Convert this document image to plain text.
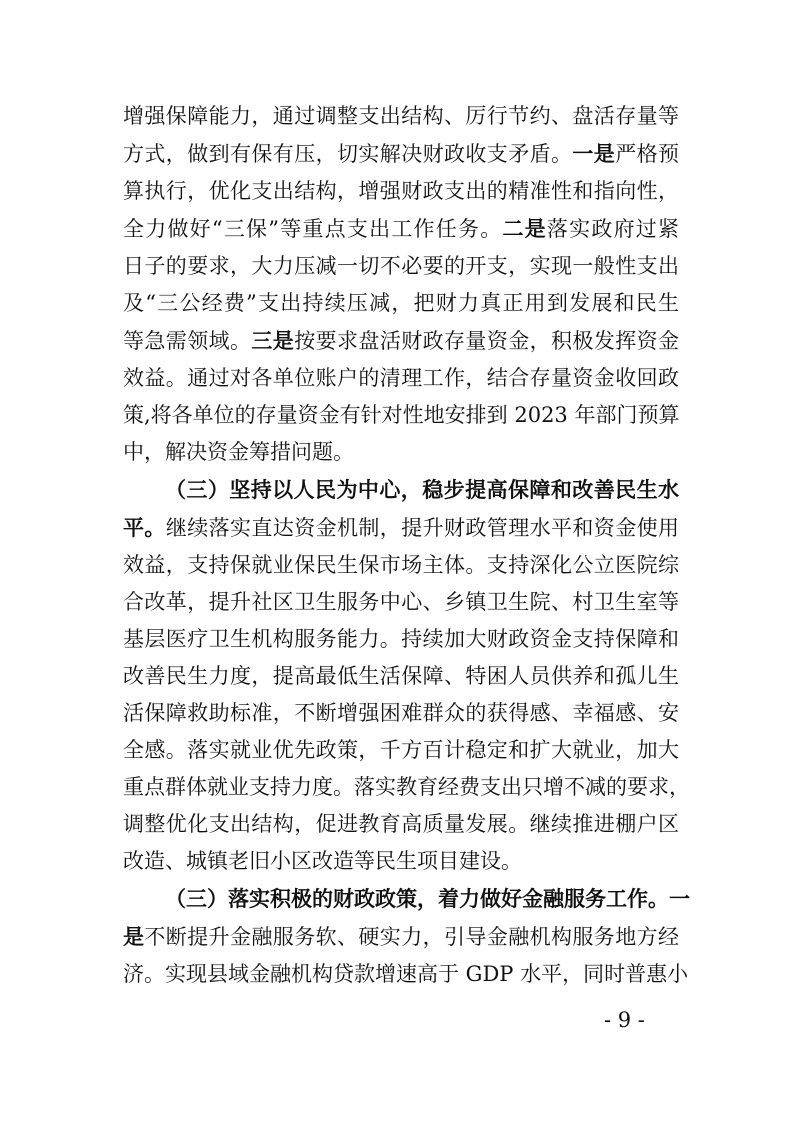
增强保障能力，通过调整支出结构、厉行节约、盘活存量等
方式，做到有保有压，切实解决财政收支矛盾。一是严格预
算执行，优化支出结构，增强财政支出的精准性和指向性，
全力做好“三保”等重点支出工作任务。二是落实政府过紧
日子的要求，大力压减一切不必要的开支，实现一般性支出
及“三公经费”支出持续压减，把财力真正用到发展和民生
等急需领域。三是按要求盘活财政存量资金，积极发挥资金
效益。通过对各单位账户的清理工作，结合存量资金收回政
策,将各单位的存量资金有针对性地安排到 2023 年部门预算
中，解决资金筹措问题。
（三）坚持以人民为中心，稳步提高保障和改善民生水
平。继续落实直达资金机制，提升财政管理水平和资金使用
效益，支持保就业保民生保市场主体。支持深化公立医院综
合改革，提升社区卫生服务中心、乡镇卫生院、村卫生室等
基层医疗卫生机构服务能力。持续加大财政资金支持保障和
改善民生力度，提高最低生活保障、特困人员供养和孤儿生
活保障救助标准，不断增强困难群众的获得感、幸福感、安
全感。落实就业优先政策，千方百计稳定和扩大就业，加大
重点群体就业支持力度。落实教育经费支出只增不减的要求，
调整优化支出结构，促进教育高质量发展。继续推进棚户区
改造、城镇老旧小区改造等民生项目建设。
（三）落实积极的财政政策，着力做好金融服务工作。一
是不断提升金融服务软、硬实力，引导金融机构服务地方经
济。实现县域金融机构贷款增速高于 GDP 水平，同时普惠小
- 9 -
